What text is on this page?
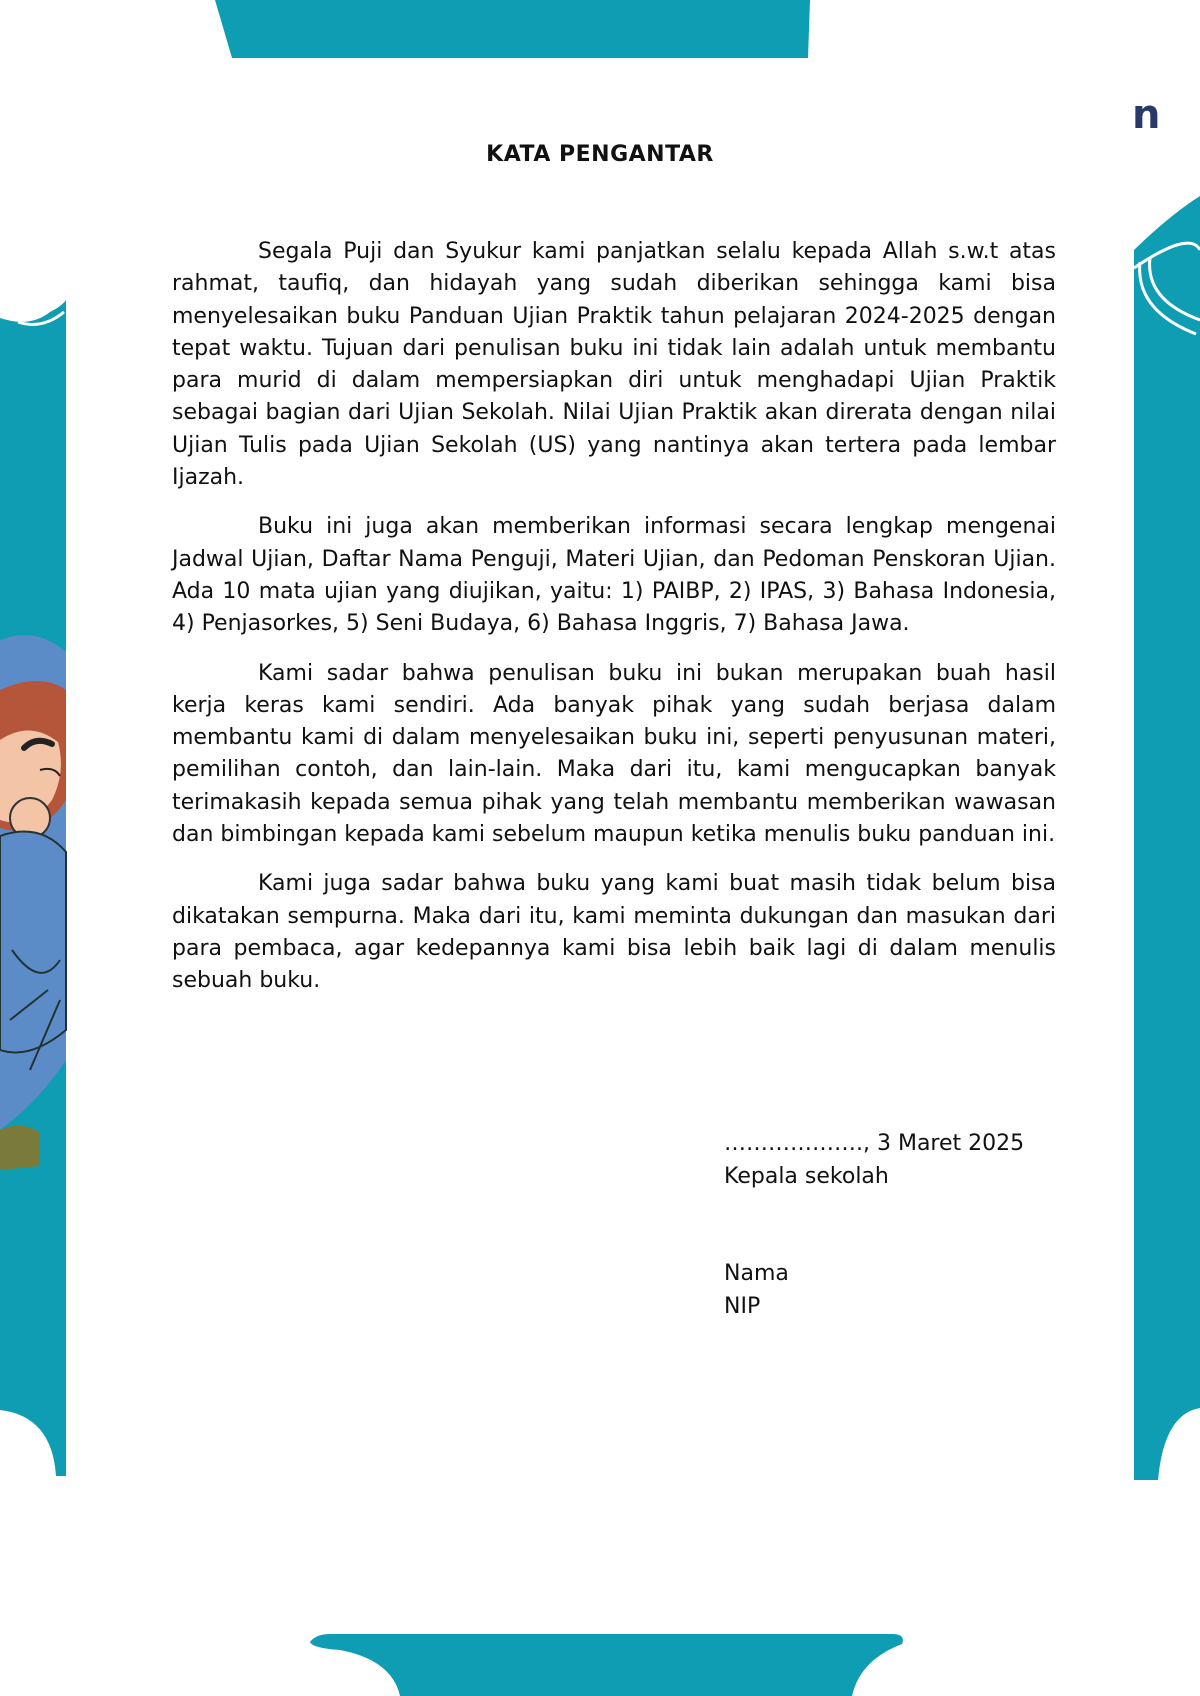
n
KATA PENGANTAR

Segala Puji dan Syukur kami panjatkan selalu kepada Allah s.w.t atas rahmat, taufiq, dan hidayah yang sudah diberikan sehingga kami bisa menyelesaikan buku Panduan Ujian Praktik tahun pelajaran 2024-2025 dengan tepat waktu. Tujuan dari penulisan buku ini tidak lain adalah untuk membantu para murid di dalam mempersiapkan diri untuk menghadapi Ujian Praktik sebagai bagian dari Ujian Sekolah. Nilai Ujian Praktik akan direrata dengan nilai Ujian Tulis pada Ujian Sekolah (US) yang nantinya akan tertera pada lembar Ijazah.

Buku ini juga akan memberikan informasi secara lengkap mengenai Jadwal Ujian, Daftar Nama Penguji, Materi Ujian, dan Pedoman Penskoran Ujian. Ada 10 mata ujian yang diujikan, yaitu: 1) PAIBP, 2) IPAS, 3) Bahasa Indonesia, 4) Penjasorkes, 5) Seni Budaya, 6) Bahasa Inggris, 7) Bahasa Jawa.

Kami sadar bahwa penulisan buku ini bukan merupakan buah hasil kerja keras kami sendiri. Ada banyak pihak yang sudah berjasa dalam membantu kami di dalam menyelesaikan buku ini, seperti penyusunan materi, pemilihan contoh, dan lain-lain. Maka dari itu, kami mengucapkan banyak terimakasih kepada semua pihak yang telah membantu memberikan wawasan dan bimbingan kepada kami sebelum maupun ketika menulis buku panduan ini.

Kami juga sadar bahwa buku yang kami buat masih tidak belum bisa dikatakan sempurna. Maka dari itu, kami meminta dukungan dan masukan dari para pembaca, agar kedepannya kami bisa lebih baik lagi di dalam menulis sebuah buku.

………………., 3 Maret 2025
Kepala sekolah
Nama
NIP
